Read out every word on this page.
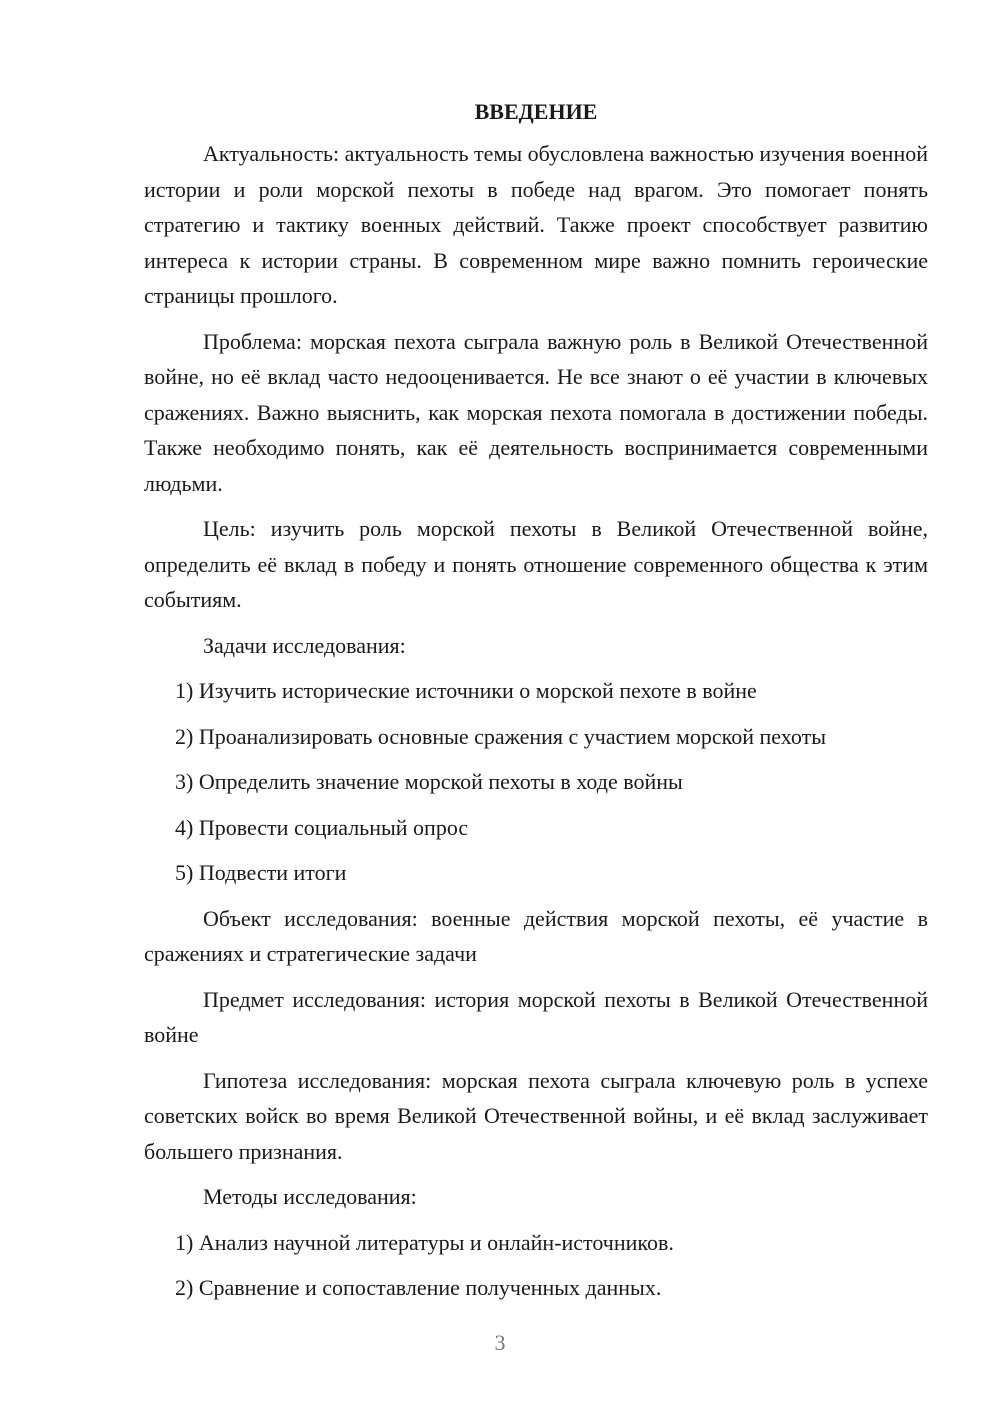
ВВЕДЕНИЕ

Актуальность: актуальность темы обусловлена важностью изучения военной истории и роли морской пехоты в победе над врагом. Это помогает понять стратегию и тактику военных действий. Также проект способствует развитию интереса к истории страны. В современном мире важно помнить героические страницы прошлого.

Проблема: морская пехота сыграла важную роль в Великой Отечественной войне, но её вклад часто недооценивается. Не все знают о её участии в ключевых сражениях. Важно выяснить, как морская пехота помогала в достижении победы. Также необходимо понять, как её деятельность воспринимается современными людьми.

Цель: изучить роль морской пехоты в Великой Отечественной войне, определить её вклад в победу и понять отношение современного общества к этим событиям.

Задачи исследования:

1) Изучить исторические источники о морской пехоте в войне
2) Проанализировать основные сражения с участием морской пехоты
3) Определить значение морской пехоты в ходе войны
4) Провести социальный опрос
5) Подвести итоги

Объект исследования: военные действия морской пехоты, её участие в сражениях и стратегические задачи

Предмет исследования: история морской пехоты в Великой Отечественной войне

Гипотеза исследования: морская пехота сыграла ключевую роль в успехе советских войск во время Великой Отечественной войны, и её вклад заслуживает большего признания.

Методы исследования:

1) Анализ научной литературы и онлайн-источников.
2) Сравнение и сопоставление полученных данных.
3
